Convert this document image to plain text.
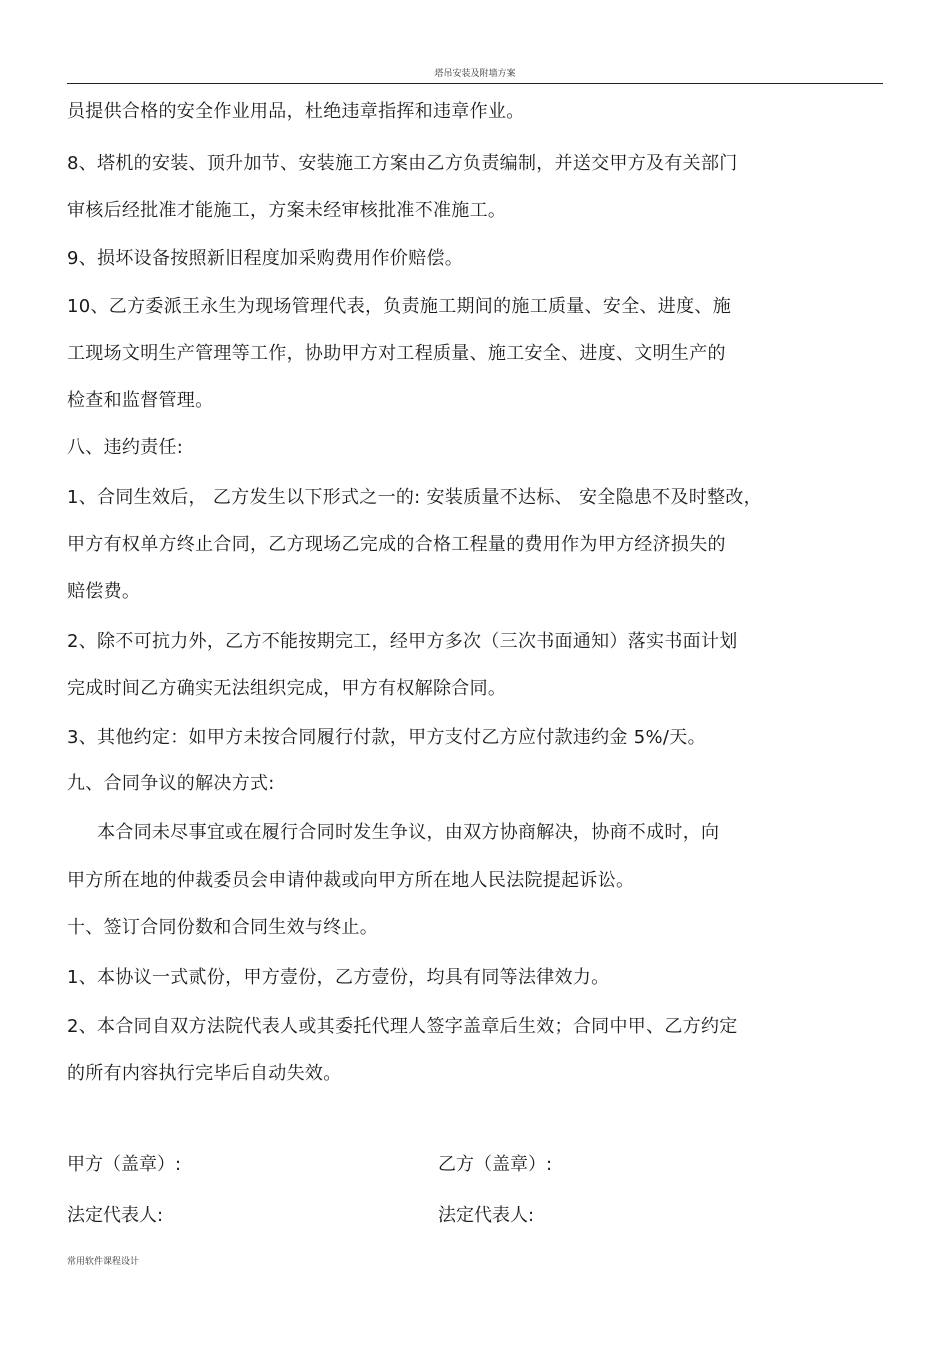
塔吊安装及附墙方案
员提供合格的安全作业用品，杜绝违章指挥和违章作业。
8、塔机的安装、顶升加节、安装施工方案由乙方负责编制，并送交甲方及有关部门
审核后经批准才能施工，方案未经审核批准不准施工。
9、损坏设备按照新旧程度加采购费用作价赔偿。
10、乙方委派王永生为现场管理代表，负责施工期间的施工质量、安全、进度、施
工现场文明生产管理等工作，协助甲方对工程质量、施工安全、进度、文明生产的
检查和监督管理。
八、违约责任:
1、合同生效后， 乙方发生以下形式之一的: 安装质量不达标、 安全隐患不及时整改，
甲方有权单方终止合同，乙方现场乙完成的合格工程量的费用作为甲方经济损失的
赔偿费。
2、除不可抗力外，乙方不能按期完工，经甲方多次（三次书面通知）落实书面计划
完成时间乙方确实无法组织完成，甲方有权解除合同。
3、其他约定：如甲方未按合同履行付款，甲方支付乙方应付款违约金 5%/天。
九、合同争议的解决方式:
本合同未尽事宜或在履行合同时发生争议，由双方协商解决，协商不成时，向
甲方所在地的仲裁委员会申请仲裁或向甲方所在地人民法院提起诉讼。
十、签订合同份数和合同生效与终止。
1、本协议一式贰份，甲方壹份，乙方壹份，均具有同等法律效力。
2、本合同自双方法院代表人或其委托代理人签字盖章后生效；合同中甲、乙方约定
的所有内容执行完毕后自动失效。
甲方（盖章）:	乙方（盖章）:
法定代表人:	法定代表人:
常用软件课程设计
